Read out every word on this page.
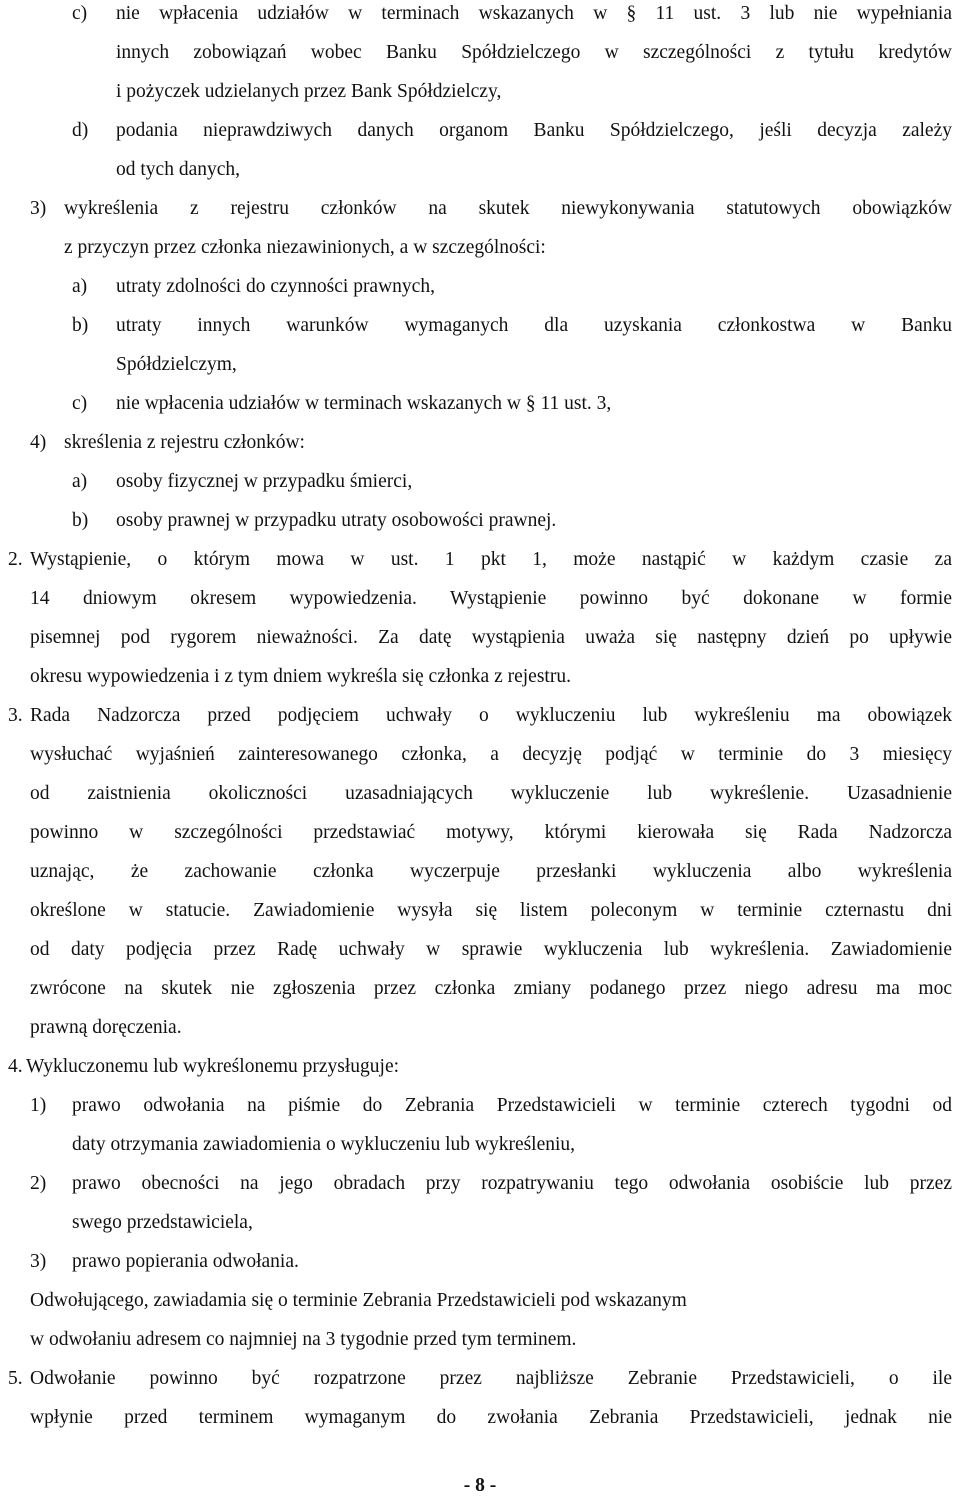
c) nie wpłacenia udziałów w terminach wskazanych w § 11 ust. 3 lub nie wypełniania
innych zobowiązań wobec Banku Spółdzielczego w szczególności z tytułu kredytów
i pożyczek udzielanych przez Bank Spółdzielczy,
d) podania nieprawdziwych danych organom Banku Spółdzielczego, jeśli decyzja zależy
od tych danych,
3) wykreślenia z rejestru członków na skutek niewykonywania statutowych obowiązków
z przyczyn przez członka niezawinionych, a w szczególności:
a) utraty zdolności do czynności prawnych,
b) utraty innych warunków wymaganych dla uzyskania członkostwa w Banku
Spółdzielczym,
c) nie wpłacenia udziałów w terminach wskazanych w § 11 ust. 3,
4) skreślenia z rejestru członków:
a) osoby fizycznej w przypadku śmierci,
b) osoby prawnej w przypadku utraty osobowości prawnej.
2. Wystąpienie, o którym mowa w ust. 1 pkt 1, może nastąpić w każdym czasie za
14 dniowym okresem wypowiedzenia. Wystąpienie powinno być dokonane w formie
pisemnej pod rygorem nieważności. Za datę wystąpienia uważa się następny dzień po upływie
okresu wypowiedzenia i z tym dniem wykreśla się członka z rejestru.
3. Rada Nadzorcza przed podjęciem uchwały o wykluczeniu lub wykreśleniu ma obowiązek
wysłuchać wyjaśnień zainteresowanego członka, a decyzję podjąć w terminie do 3 miesięcy
od zaistnienia okoliczności uzasadniających wykluczenie lub wykreślenie. Uzasadnienie
powinno w szczególności przedstawiać motywy, którymi kierowała się Rada Nadzorcza
uznając, że zachowanie członka wyczerpuje przesłanki wykluczenia albo wykreślenia
określone w statucie. Zawiadomienie wysyła się listem poleconym w terminie czternastu dni
od daty podjęcia przez Radę uchwały w sprawie wykluczenia lub wykreślenia. Zawiadomienie
zwrócone na skutek nie zgłoszenia przez członka zmiany podanego przez niego adresu ma moc
prawną doręczenia.
4. Wykluczonemu lub wykreślonemu przysługuje:
1) prawo odwołania na piśmie do Zebrania Przedstawicieli w terminie czterech tygodni od
daty otrzymania zawiadomienia o wykluczeniu lub wykreśleniu,
2) prawo obecności na jego obradach przy rozpatrywaniu tego odwołania osobiście lub przez
swego przedstawiciela,
3) prawo popierania odwołania.
Odwołującego, zawiadamia się o terminie Zebrania Przedstawicieli pod wskazanym
w odwołaniu adresem co najmniej na 3 tygodnie przed tym terminem.
5. Odwołanie powinno być rozpatrzone przez najbliższe Zebranie Przedstawicieli, o ile
wpłynie przed terminem wymaganym do zwołania Zebrania Przedstawicieli, jednak nie
- 8 -
